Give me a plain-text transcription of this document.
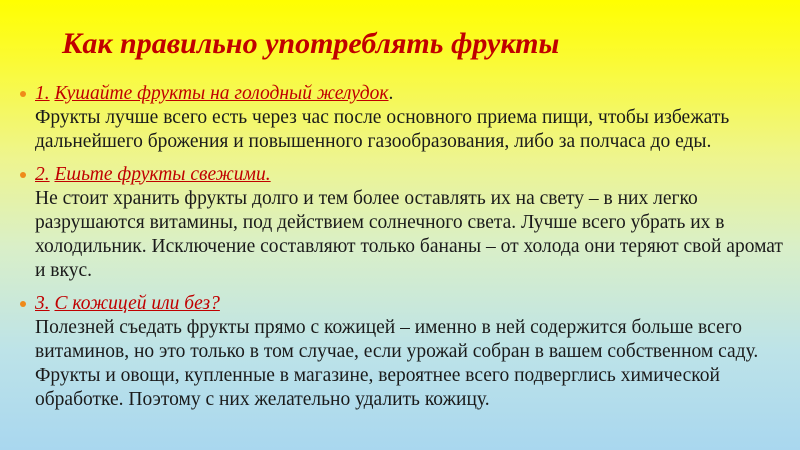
Как правильно употреблять фрукты
1. Кушайте фрукты на голодный желудок.
Фрукты лучше всего есть через час после основного приема пищи, чтобы избежать дальнейшего брожения и повышенного газообразования, либо за полчаса до еды.
2. Ешьте фрукты свежими.
Не стоит хранить фрукты долго и тем более оставлять их на свету – в них легко разрушаются витамины, под действием солнечного света. Лучше всего убрать их в холодильник. Исключение составляют только бананы – от холода они теряют свой аромат и вкус.
3. С кожицей или без?
Полезней съедать фрукты прямо с кожицей – именно в ней содержится больше всего витаминов, но это только в том случае, если урожай собран в вашем собственном саду. Фрукты и овощи, купленные в магазине, вероятнее всего подверглись химической обработке. Поэтому с них желательно удалить кожицу.
